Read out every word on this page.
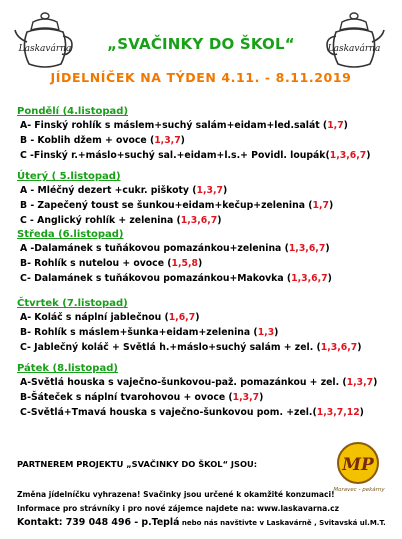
Laskavárna	Laskavárna
„SVAČINKY DO ŠKOL“
JÍDELNÍČEK NA TÝDEN 4.11. - 8.11.2019
Pondělí (4.listopad)
A- Finský rohlík s máslem+suchý salám+eidam+led.salát (1,7)
B - Koblih džem + ovoce (1,3,7)
C -Finský r.+máslo+suchý sal.+eidam+l.s.+ Povidl. loupák(1,3,6,7)
Úterý ( 5.listopad)
A - Mléčný dezert +cukr. piškoty (1,3,7)
B - Zapečený toust se šunkou+eidam+kečup+zelenina (1,7)
C - Anglický rohlík + zelenina (1,3,6,7)
Středa (6.listopad)
A -Dalamánek s tuňákovou pomazánkou+zelenina (1,3,6,7)
B- Rohlík s nutelou + ovoce (1,5,8)
C- Dalamánek s tuňákovou pomazánkou+Makovka (1,3,6,7)
Čtvrtek (7.listopad)
A- Koláč s náplní jablečnou (1,6,7)
B- Rohlík s máslem+šunka+eidam+zelenina (1,3)
C- Jablečný koláč + Světlá h.+máslo+suchý salám + zel. (1,3,6,7)
Pátek (8.listopad)
A-Světlá houska s vaječno-šunkovou-paž. pomazánkou + zel. (1,3,7)
B-Šáteček s náplní tvarohovou + ovoce (1,3,7)
C-Světlá+Tmavá houska s vaječno-šunkovou pom. +zel.(1,3,7,12)
PARTNEREM PROJEKTU „SVAČINKY DO ŠKOL“ JSOU:	MP
Moravec - pekárny
Změna jídelníčku vyhrazena! Svačinky jsou určené k okamžité konzumaci!
Informace pro strávníky i pro nové zájemce najdete na: www.laskavarna.cz
Kontakt: 739 048 496 - p.Teplá nebo nás navštivte v Laskavárně , Svitavská ul.M.T.
